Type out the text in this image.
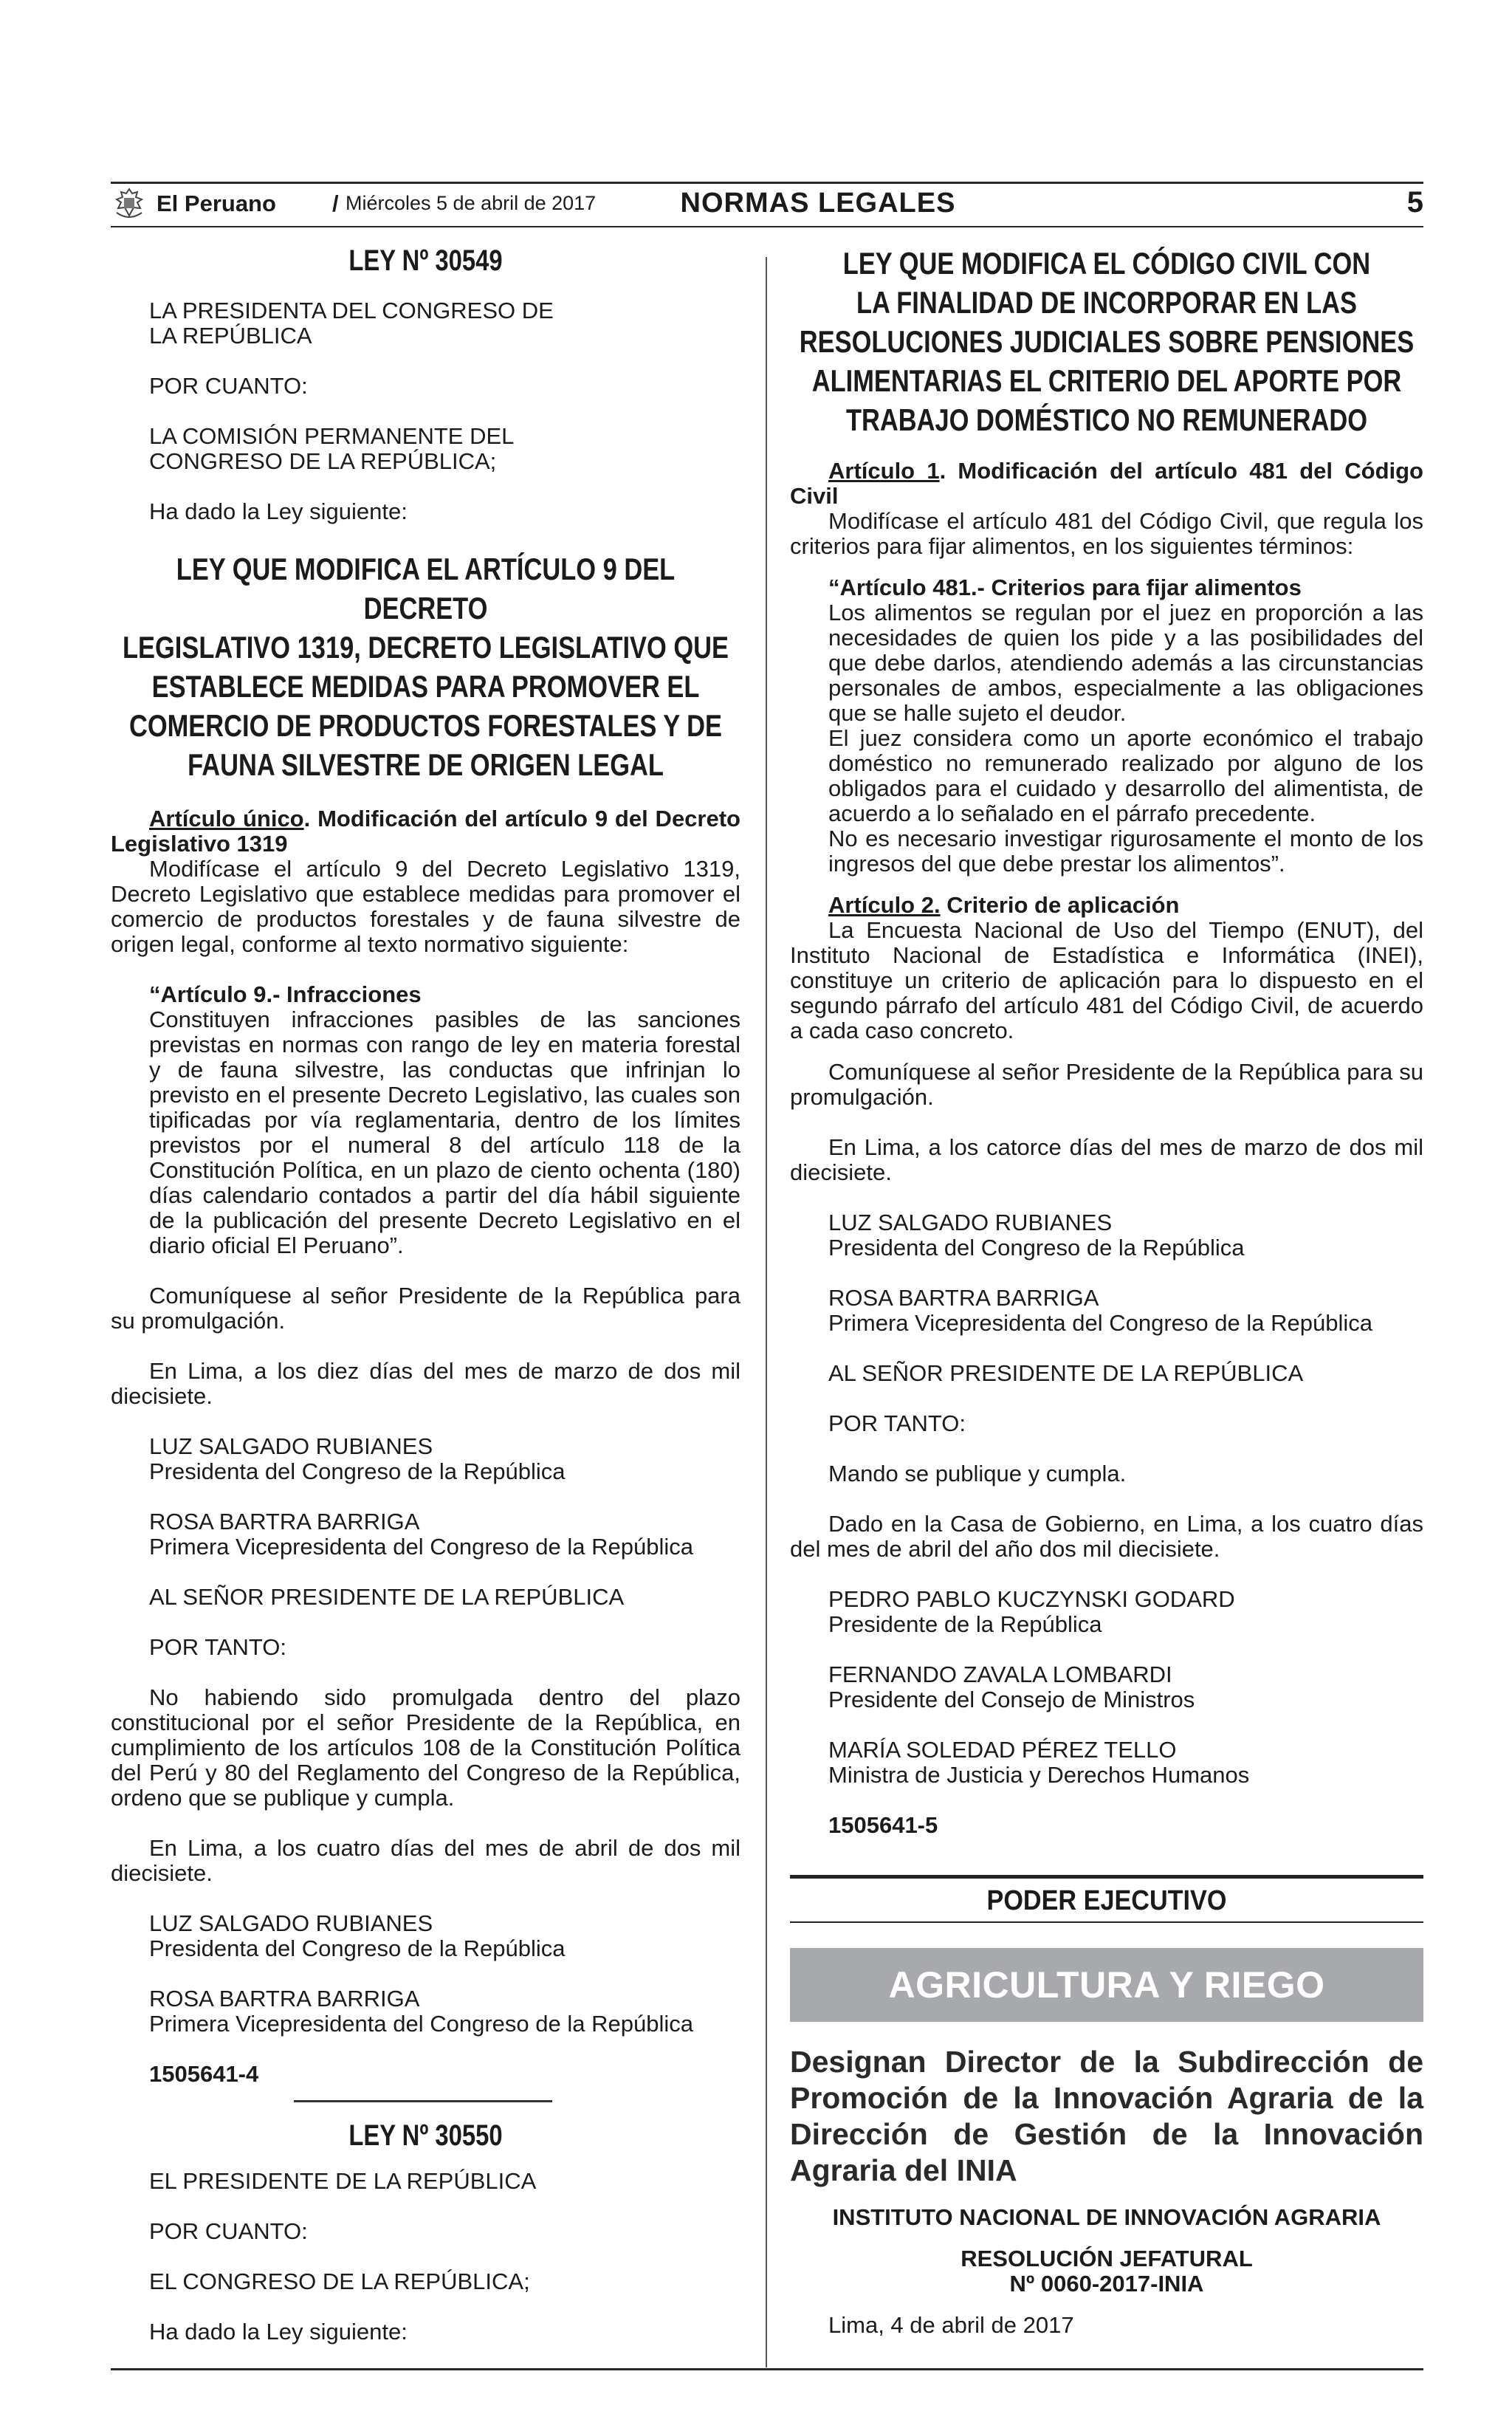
El Peruano / Miércoles 5 de abril de 2017	NORMAS LEGALES	5

LEY Nº 30549

LA PRESIDENTA DEL CONGRESO DE

LA REPÚBLICA

POR CUANTO:

LA COMISIÓN PERMANENTE DEL

CONGRESO DE LA REPÚBLICA;

Ha dado la Ley siguiente:

LEY QUE MODIFICA EL ARTÍCULO 9 DEL DECRETO
LEGISLATIVO 1319, DECRETO LEGISLATIVO QUE
ESTABLECE MEDIDAS PARA PROMOVER EL
COMERCIO DE PRODUCTOS FORESTALES Y DE
FAUNA SILVESTRE DE ORIGEN LEGAL

Artículo único. Modificación del artículo 9 del Decreto Legislativo 1319

Modifícase el artículo 9 del Decreto Legislativo 1319, Decreto Legislativo que establece medidas para promover el comercio de productos forestales y de fauna silvestre de origen legal, conforme al texto normativo siguiente:

“Artículo 9.- Infracciones

Constituyen infracciones pasibles de las sanciones previstas en normas con rango de ley en materia forestal y de fauna silvestre, las conductas que infrinjan lo previsto en el presente Decreto Legislativo, las cuales son tipificadas por vía reglamentaria, dentro de los límites previstos por el numeral 8 del artículo 118 de la Constitución Política, en un plazo de ciento ochenta (180) días calendario contados a partir del día hábil siguiente de la publicación del presente Decreto Legislativo en el diario oficial El Peruano”.

Comuníquese al señor Presidente de la República para su promulgación.

En Lima, a los diez días del mes de marzo de dos mil diecisiete.

LUZ SALGADO RUBIANES

Presidenta del Congreso de la República

ROSA BARTRA BARRIGA

Primera Vicepresidenta del Congreso de la República

AL SEÑOR PRESIDENTE DE LA REPÚBLICA

POR TANTO:

No habiendo sido promulgada dentro del plazo constitucional por el señor Presidente de la República, en cumplimiento de los artículos 108 de la Constitución Política del Perú y 80 del Reglamento del Congreso de la República, ordeno que se publique y cumpla.

En Lima, a los cuatro días del mes de abril de dos mil diecisiete.

LUZ SALGADO RUBIANES

Presidenta del Congreso de la República

ROSA BARTRA BARRIGA

Primera Vicepresidenta del Congreso de la República

1505641-4

LEY Nº 30550

EL PRESIDENTE DE LA REPÚBLICA

POR CUANTO:

EL CONGRESO DE LA REPÚBLICA;

Ha dado la Ley siguiente:

LEY QUE MODIFICA EL CÓDIGO CIVIL CON
LA FINALIDAD DE INCORPORAR EN LAS
RESOLUCIONES JUDICIALES SOBRE PENSIONES
ALIMENTARIAS EL CRITERIO DEL APORTE POR
TRABAJO DOMÉSTICO NO REMUNERADO

Artículo 1. Modificación del artículo 481 del Código Civil

Modifícase el artículo 481 del Código Civil, que regula los criterios para fijar alimentos, en los siguientes términos:

“Artículo 481.- Criterios para fijar alimentos

Los alimentos se regulan por el juez en proporción a las necesidades de quien los pide y a las posibilidades del que debe darlos, atendiendo además a las circunstancias personales de ambos, especialmente a las obligaciones que se halle sujeto el deudor.

El juez considera como un aporte económico el trabajo doméstico no remunerado realizado por alguno de los obligados para el cuidado y desarrollo del alimentista, de acuerdo a lo señalado en el párrafo precedente.

No es necesario investigar rigurosamente el monto de los ingresos del que debe prestar los alimentos”.

Artículo 2. Criterio de aplicación

La Encuesta Nacional de Uso del Tiempo (ENUT), del Instituto Nacional de Estadística e Informática (INEI), constituye un criterio de aplicación para lo dispuesto en el segundo párrafo del artículo 481 del Código Civil, de acuerdo a cada caso concreto.

Comuníquese al señor Presidente de la República para su promulgación.

En Lima, a los catorce días del mes de marzo de dos mil diecisiete.

LUZ SALGADO RUBIANES

Presidenta del Congreso de la República

ROSA BARTRA BARRIGA

Primera Vicepresidenta del Congreso de la República

AL SEÑOR PRESIDENTE DE LA REPÚBLICA

POR TANTO:

Mando se publique y cumpla.

Dado en la Casa de Gobierno, en Lima, a los cuatro días del mes de abril del año dos mil diecisiete.

PEDRO PABLO KUCZYNSKI GODARD

Presidente de la República

FERNANDO ZAVALA LOMBARDI

Presidente del Consejo de Ministros

MARÍA SOLEDAD PÉREZ TELLO

Ministra de Justicia y Derechos Humanos

1505641-5

PODER EJECUTIVO

AGRICULTURA Y RIEGO

Designan Director de la Subdirección de Promoción de la Innovación Agraria de la Dirección de Gestión de la Innovación Agraria del INIA

INSTITUTO NACIONAL DE INNOVACIÓN AGRARIA

RESOLUCIÓN JEFATURAL

Nº 0060-2017-INIA

Lima, 4 de abril de 2017
